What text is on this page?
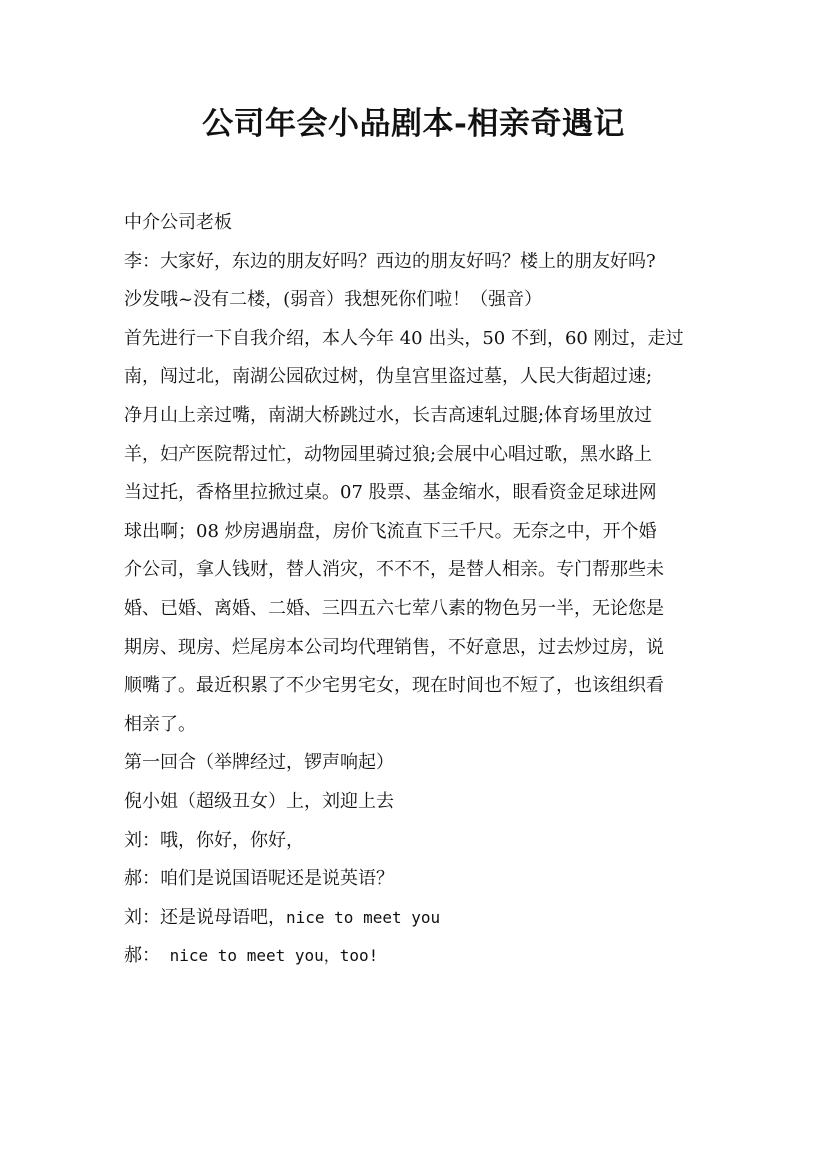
公司年会小品剧本-相亲奇遇记

中介公司老板

李：大家好，东边的朋友好吗？西边的朋友好吗？楼上的朋友好吗?

沙发哦~没有二楼，(弱音）我想死你们啦！（强音）

首先进行一下自我介绍，本人今年 40 出头，50 不到，60 刚过，走过

南，闯过北，南湖公园砍过树，伪皇宫里盗过墓，人民大街超过速;

净月山上亲过嘴，南湖大桥跳过水，长吉高速轧过腿;体育场里放过

羊，妇产医院帮过忙，动物园里骑过狼;会展中心唱过歌，黑水路上

当过托，香格里拉掀过桌。07 股票、基金缩水，眼看资金足球进网

球出啊；08 炒房遇崩盘，房价飞流直下三千尺。无奈之中，开个婚

介公司，拿人钱财，替人消灾，不不不，是替人相亲。专门帮那些未

婚、已婚、离婚、二婚、三四五六七荤八素的物色另一半，无论您是

期房、现房、烂尾房本公司均代理销售，不好意思，过去炒过房，说

顺嘴了。最近积累了不少宅男宅女，现在时间也不短了，也该组织看

相亲了。

第一回合（举牌经过，锣声响起）

倪小姐（超级丑女）上，刘迎上去

刘：哦，你好，你好，

郝：咱们是说国语呢还是说英语？

刘：还是说母语吧，nice to meet you

郝： nice to meet you，too!
